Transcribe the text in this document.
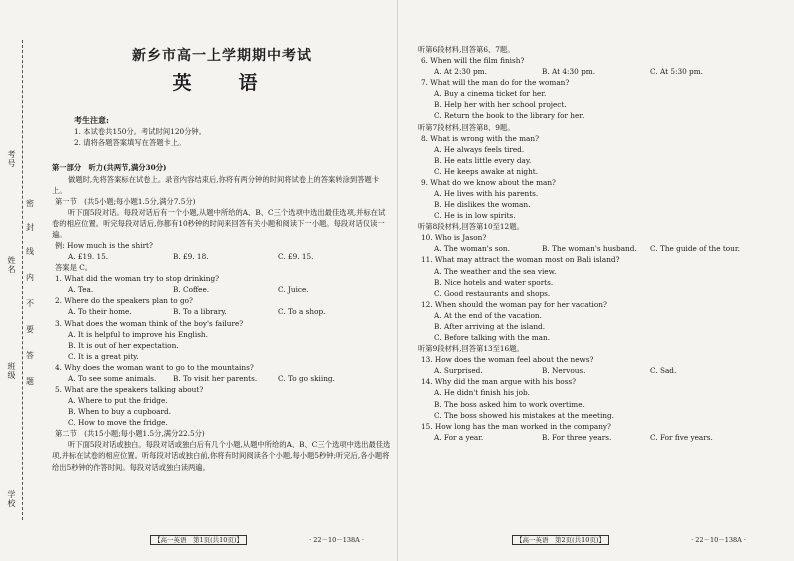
考号
姓名
班级
学校
密
封
线
内
不
要
答
题
新乡市高一上学期期中考试
英　语
考生注意:
1. 本试卷共150分。考试时间120分钟。
2. 请将各题答案填写在答题卡上。
第一部分　听力(共两节,满分30分)
做题时,先将答案标在试卷上。录音内容结束后,你将有两分钟的时间将试卷上的答案转涂到答题卡上。
第一节　(共5小题;每小题1.5分,满分7.5分)
听下面5段对话。每段对话后有一个小题,从题中所给的A、B、C三个选项中选出最佳选项,并标在试卷的相应位置。听完每段对话后,你都有10秒钟的时间来回答有关小题和阅读下一小题。每段对话仅读一遍。
例: How much is the shirt?
A. £19. 15.	B. £9. 18.	C. £9. 15.
答案是 C。
1. What did the woman try to stop drinking?
A. Tea.	B. Coffee.	C. Juice.
2. Where do the speakers plan to go?
A. To their home.	B. To a library.	C. To a shop.
3. What does the woman think of the boy's failure?
A. It is helpful to improve his English.
B. It is out of her expectation.
C. It is a great pity.
4. Why does the woman want to go to the mountains?
A. To see some animals.	B. To visit her parents.	C. To go skiing.
5. What are the speakers talking about?
A. Where to put the fridge.
B. When to buy a cupboard.
C. How to move the fridge.
第二节　(共15小题;每小题1.5分,满分22.5分)
听下面5段对话或独白。每段对话或独白后有几个小题,从题中所给的A、B、C三个选项中选出最佳选项,并标在试卷的相应位置。听每段对话或独白前,你将有时间阅读各个小题,每小题5秒钟;听完后,各小题将给出5秒钟的作答时间。每段对话或独白读两遍。
【高一英语　第1页(共10页)】	· 22－10－138A ·
听第6段材料,回答第6、7题。
6. When will the film finish?
A. At 2:30 pm.	B. At 4:30 pm.	C. At 5:30 pm.
7. What will the man do for the woman?
A. Buy a cinema ticket for her.
B. Help her with her school project.
C. Return the book to the library for her.
听第7段材料,回答第8、9题。
8. What is wrong with the man?
A. He always feels tired.
B. He eats little every day.
C. He keeps awake at night.
9. What do we know about the man?
A. He lives with his parents.
B. He dislikes the woman.
C. He is in low spirits.
听第8段材料,回答第10至12题。
10. Who is Jason?
A. The woman's son.	B. The woman's husband.	C. The guide of the tour.
11. What may attract the woman most on Bali island?
A. The weather and the sea view.
B. Nice hotels and water sports.
C. Good restaurants and shops.
12. When should the woman pay for her vacation?
A. At the end of the vacation.
B. After arriving at the island.
C. Before talking with the man.
听第9段材料,回答第13至16题。
13. How does the woman feel about the news?
A. Surprised.	B. Nervous.	C. Sad.
14. Why did the man argue with his boss?
A. He didn't finish his job.
B. The boss asked him to work overtime.
C. The boss showed his mistakes at the meeting.
15. How long has the man worked in the company?
A. For a year.	B. For three years.	C. For five years.
【高一英语　第2页(共10页)】	· 22－10－138A ·
